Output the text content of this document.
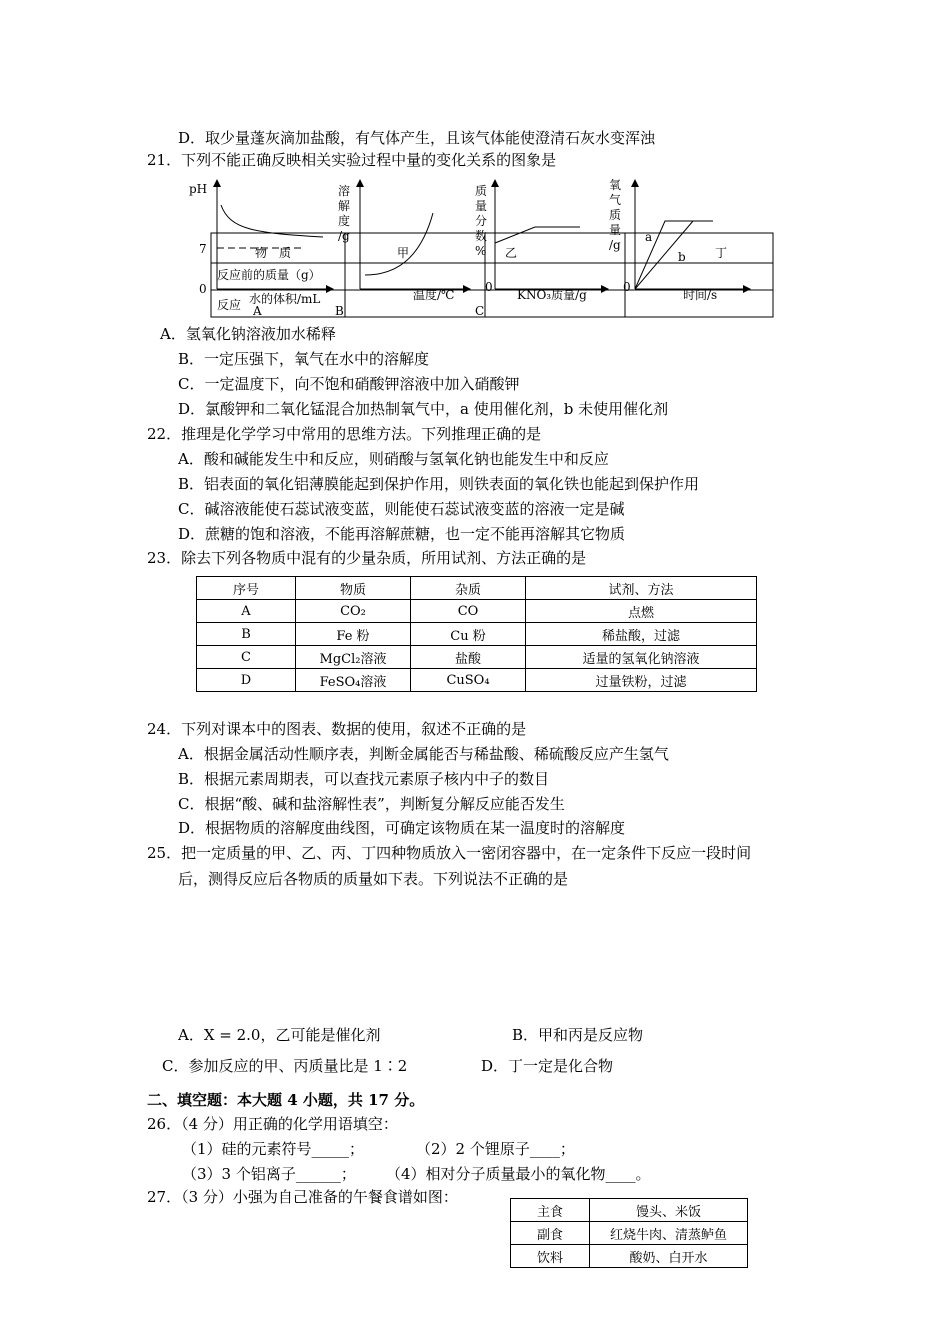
D．取少量蓬灰滴加盐酸，有气体产生，且该气体能使澄清石灰水变浑浊
21．下列不能正确反映相关实验过程中量的变化关系的图象是
反应前的质量（g）
反应
物　质	甲	乙	丁
pH
7
0
水的体积/mL
A
溶
解
度
/g
温度/℃
B
质
量
分
数
%
0
KNO₃质量/g
C
氧
气
质
量
/g
0
a
b
时间/s
A．氢氧化钠溶液加水稀释
B．一定压强下，氧气在水中的溶解度
C．一定温度下，向不饱和硝酸钾溶液中加入硝酸钾
D．氯酸钾和二氧化锰混合加热制氧气中，a 使用催化剂，b 未使用催化剂
22．推理是化学学习中常用的思维方法。下列推理正确的是
A．酸和碱能发生中和反应，则硝酸与氢氧化钠也能发生中和反应
B．铝表面的氧化铝薄膜能起到保护作用，则铁表面的氧化铁也能起到保护作用
C．碱溶液能使石蕊试液变蓝，则能使石蕊试液变蓝的溶液一定是碱
D．蔗糖的饱和溶液，不能再溶解蔗糖，也一定不能再溶解其它物质
23．除去下列各物质中混有的少量杂质，所用试剂、方法正确的是
序号	物质	杂质	试剂、方法
A	CO₂	CO	点燃
B	Fe 粉	Cu 粉	稀盐酸，过滤
C	MgCl₂溶液	盐酸	适量的氢氧化钠溶液
D	FeSO₄溶液	CuSO₄	过量铁粉，过滤
24．下列对课本中的图表、数据的使用，叙述不正确的是
A．根据金属活动性顺序表，判断金属能否与稀盐酸、稀硫酸反应产生氢气
B．根据元素周期表，可以查找元素原子核内中子的数目
C．根据“酸、碱和盐溶解性表”，判断复分解反应能否发生
D．根据物质的溶解度曲线图，可确定该物质在某一温度时的溶解度
25．把一定质量的甲、乙、丙、丁四种物质放入一密闭容器中，在一定条件下反应一段时间
后，测得反应后各物质的质量如下表。下列说法不正确的是
A．X = 2.0，乙可能是催化剂	B．甲和丙是反应物
C．参加反应的甲、丙质量比是 1∶2	D．丁一定是化合物
二、填空题：本大题 4 小题，共 17 分。
26．（4 分）用正确的化学用语填空：
（1）硅的元素符号_____；	（2）2 个锂原子____；
（3）3 个铝离子______； （4）相对分子质量最小的氧化物____。
27．（3 分）小强为自己准备的午餐食谱如图：
主食	馒头、米饭
副食	红烧牛肉、清蒸鲈鱼
饮料	酸奶、白开水
